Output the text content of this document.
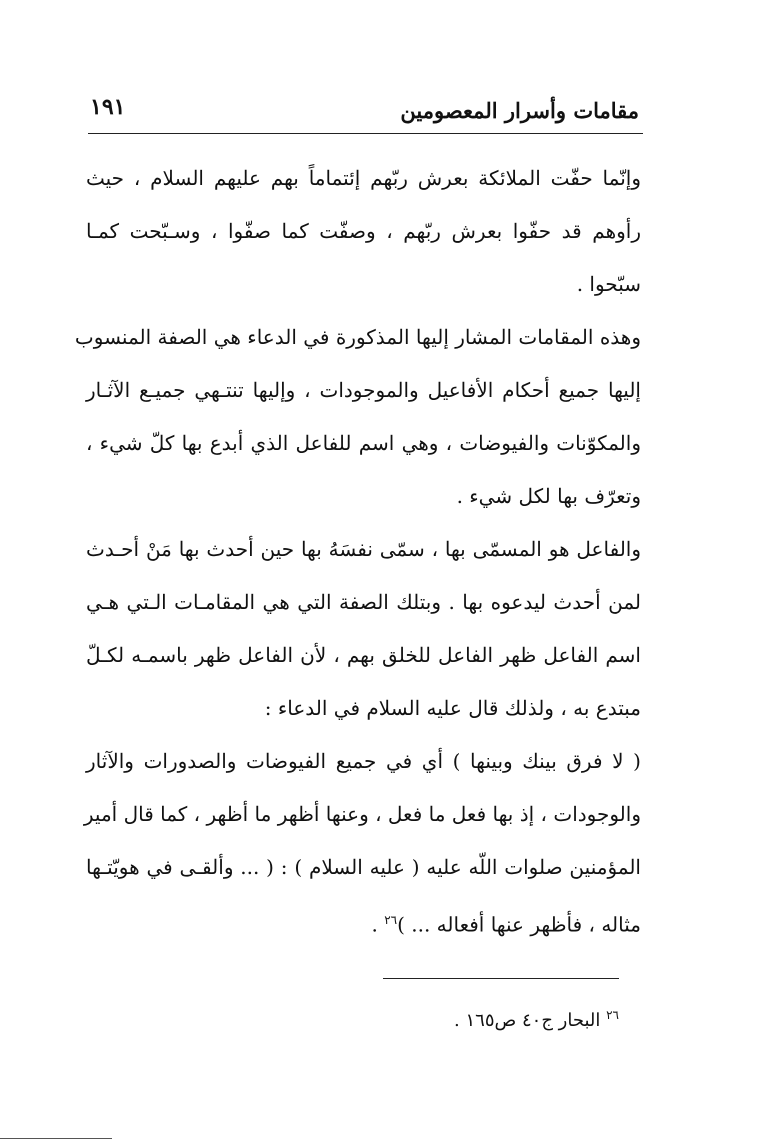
مقامات وأسرار المعصومين
١٩١
وإنّما حفّت الملائكة بعرش ربّهم إئتماماً بهم عليهم السلام ، حيث
رأوهم قد حفّوا بعرش ربّهم ، وصفّت كما صفّوا ، وسـبّحت كمـا
سبّحوا .
وهذه المقامات المشار إليها المذكورة في الدعاء هي الصفة المنسوب
إليها جميع أحكام الأفاعيل والموجودات ، وإليها تنتـهي جميـع الآثـار
والمكوّنات والفيوضات ، وهي اسم للفاعل الذي أبدع بها كلّ شيء ،
وتعرّف بها لكل شيء .
والفاعل هو المسمّى بها ، سمّى نفسَهُ بها حين أحدث بها مَنْ أحـدث
لمن أحدث ليدعوه بها . وبتلك الصفة التي هي المقامـات الـتي هـي
اسم الفاعل ظهر الفاعل للخلق بهم ، لأن الفاعل ظهر باسمـه لكـلّ
مبتدع به ، ولذلك قال عليه السلام في الدعاء :
( لا فرق بينك وبينها ) أي في جميع الفيوضات والصدورات والآثار
والوجودات ، إذ بها فعل ما فعل ، وعنها أظهر ما أظهر ، كما قال أمير
المؤمنين صلوات اللّه عليه ( عليه السلام ) : ( ... وألقـى في هويّتـها
مثاله ، فأظهر عنها أفعاله ... )$^{٢٦}$ .
$^{٢٦}$ البحار ج٤٠ ص١٦٥ .
